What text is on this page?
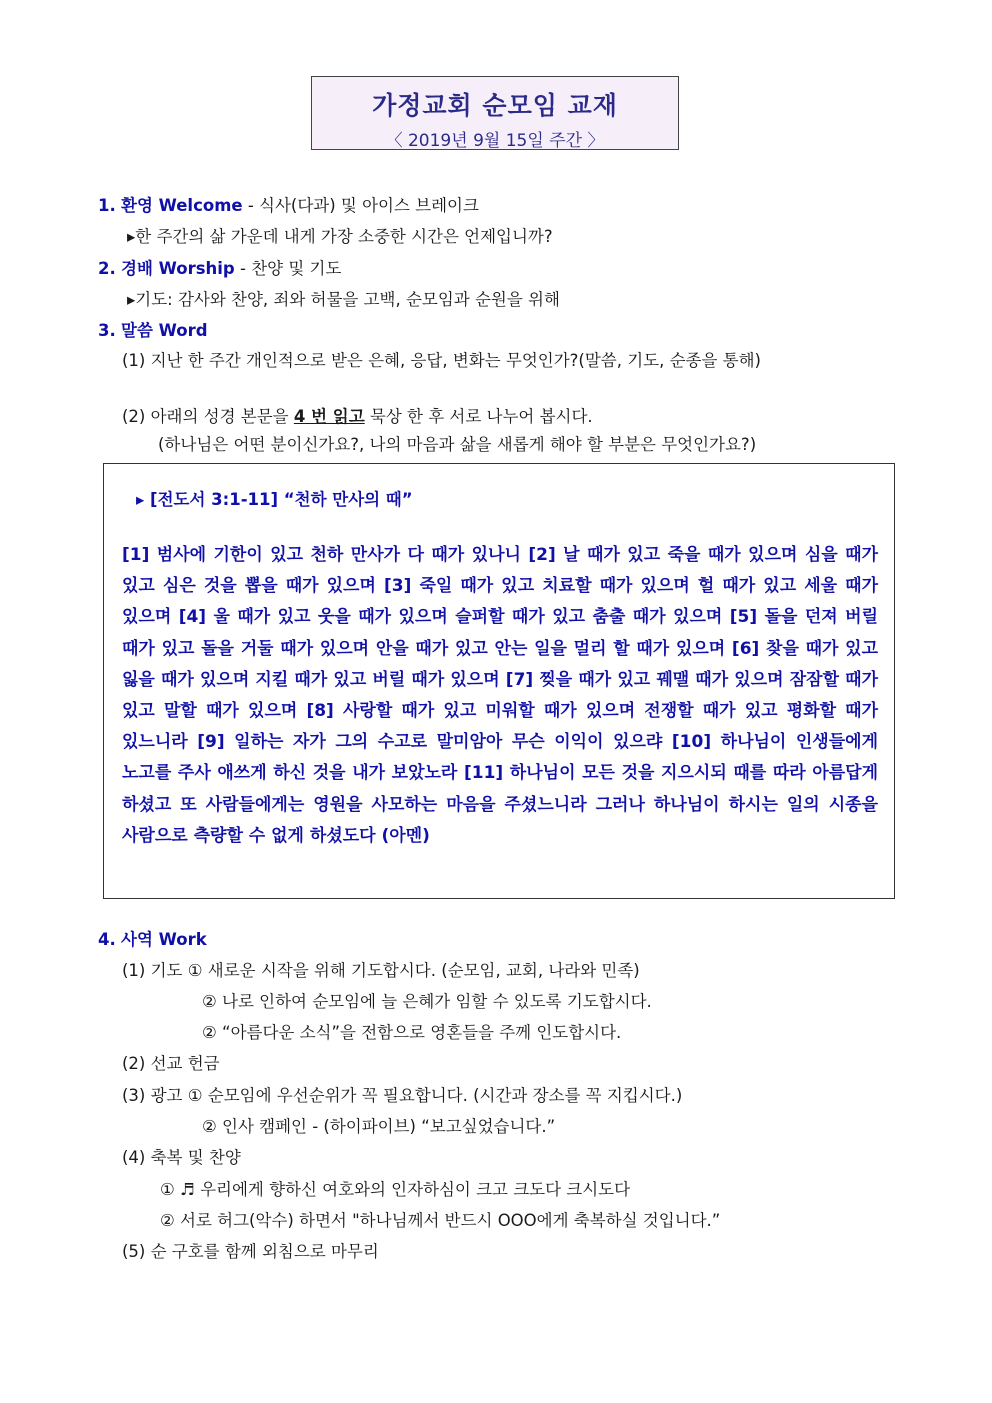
가정교회 순모임 교재
〈 2019년 9월 15일 주간 〉
1. 환영 Welcome - 식사(다과) 및 아이스 브레이크
▸한 주간의 삶 가운데 내게 가장 소중한 시간은 언제입니까?
2. 경배 Worship - 찬양 및 기도
▸기도: 감사와 찬양, 죄와 허물을 고백, 순모임과 순원을 위해
3. 말씀 Word
(1) 지난 한 주간 개인적으로 받은 은혜, 응답, 변화는 무엇인가?(말씀, 기도, 순종을 통해)
(2) 아래의 성경 본문을 4 번 읽고 묵상 한 후 서로 나누어 봅시다.
(하나님은 어떤 분이신가요?, 나의 마음과 삶을 새롭게 해야 할 부분은 무엇인가요?)
▸ [전도서 3:1-11] “천하 만사의 때”
[1] 범사에 기한이 있고 천하 만사가 다 때가 있나니 [2] 날 때가 있고 죽을 때가 있으며 심을 때가 있고 심은 것을 뽑을 때가 있으며 [3] 죽일 때가 있고 치료할 때가 있으며 헐 때가 있고 세울 때가 있으며 [4] 울 때가 있고 웃을 때가 있으며 슬퍼할 때가 있고 춤출 때가 있으며 [5] 돌을 던져 버릴 때가 있고 돌을 거둘 때가 있으며 안을 때가 있고 안는 일을 멀리 할 때가 있으며 [6] 찾을 때가 있고 잃을 때가 있으며 지킬 때가 있고 버릴 때가 있으며 [7] 찢을 때가 있고 꿰맬 때가 있으며 잠잠할 때가 있고 말할 때가 있으며 [8] 사랑할 때가 있고 미워할 때가 있으며 전쟁할 때가 있고 평화할 때가 있느니라 [9] 일하는 자가 그의 수고로 말미암아 무슨 이익이 있으랴 [10] 하나님이 인생들에게 노고를 주사 애쓰게 하신 것을 내가 보았노라 [11] 하나님이 모든 것을 지으시되 때를 따라 아름답게 하셨고 또 사람들에게는 영원을 사모하는 마음을 주셨느니라 그러나 하나님이 하시는 일의 시종을 사람으로 측량할 수 없게 하셨도다 (아멘)
4. 사역 Work
(1) 기도 ① 새로운 시작을 위해 기도합시다. (순모임, 교회, 나라와 민족)
② 나로 인하여 순모임에 늘 은혜가 임할 수 있도록 기도합시다.
② “아름다운 소식”을 전함으로 영혼들을 주께 인도합시다.
(2) 선교 헌금
(3) 광고 ① 순모임에 우선순위가 꼭 필요합니다. (시간과 장소를 꼭 지킵시다.)
② 인사 캠페인 - (하이파이브) “보고싶었습니다.”
(4) 축복 및 찬양
① ♬ 우리에게 향하신 여호와의 인자하심이 크고 크도다 크시도다
② 서로 허그(악수) 하면서 "하나님께서 반드시 OOO에게 축복하실 것입니다.”
(5) 순 구호를 함께 외침으로 마무리
